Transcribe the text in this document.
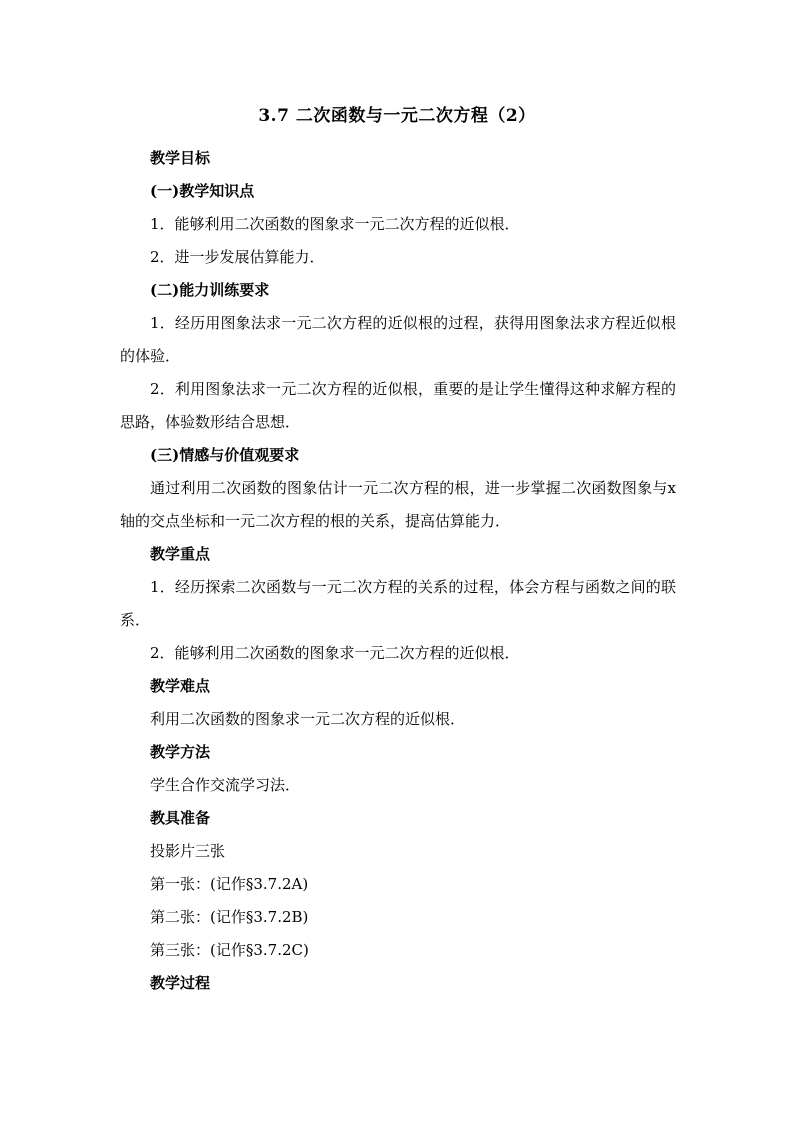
3.7 二次函数与一元二次方程（2）

教学目标

(一)教学知识点

1．能够利用二次函数的图象求一元二次方程的近似根．

2．进一步发展估算能力．

(二)能力训练要求

1．经历用图象法求一元二次方程的近似根的过程，获得用图象法求方程近似根的体验．

2．利用图象法求一元二次方程的近似根，重要的是让学生懂得这种求解方程的思路，体验数形结合思想．

(三)情感与价值观要求

通过利用二次函数的图象估计一元二次方程的根，进一步掌握二次函数图象与x轴的交点坐标和一元二次方程的根的关系，提高估算能力．

教学重点

1．经历探索二次函数与一元二次方程的关系的过程，体会方程与函数之间的联系．

2．能够利用二次函数的图象求一元二次方程的近似根．

教学难点

利用二次函数的图象求一元二次方程的近似根．

教学方法

学生合作交流学习法．

教具准备

投影片三张

第一张：(记作§3.7.2A)

第二张：(记作§3.7.2B)

第三张：(记作§3.7.2C)

教学过程
